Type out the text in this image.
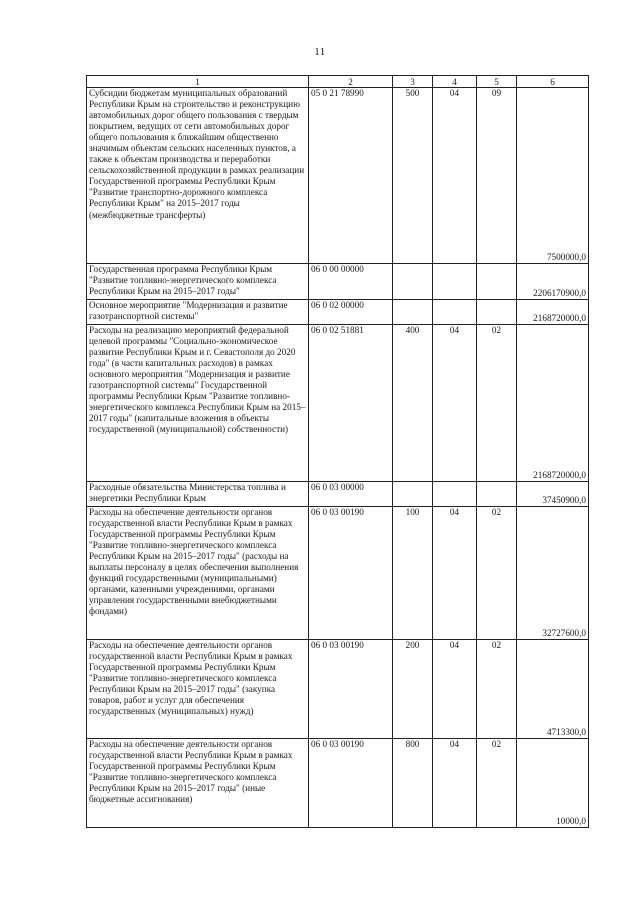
11
1	2	3	4	5	6
Субсидии бюджетам муниципальных образований Республики Крым на строительство и реконструкцию автомобильных дорог общего пользования с твердым покрытием, ведущих от сети автомобильных дорог общего пользования к ближайшим общественно значимым объектам сельских населенных пунктов, а также к объектам производства и переработки сельскохозяйственной продукции в рамках реализации Государственной программы Республики Крым "Развитие транспортно-дорожного комплекса Республики Крым" на 2015–2017 годы (межбюджетные трансферты)	05 0 21 78990	500	04	09	7500000,0
Государственная программа Республики Крым "Развитие топливно-энергетического комплекса Республики Крым на 2015–2017 годы"	06 0 00 00000				2206170900,0
Основное мероприятие "Модернизация и развитие газотранспортной системы"	06 0 02 00000				2168720000,0
Расходы на реализацию мероприятий федеральной целевой программы "Социально-экономическое развитие Республики Крым и г. Севастополя до 2020 года" (в части капитальных расходов) в рамках основного мероприятия "Модернизация и развитие газотранспортной системы" Государственной программы Республики Крым "Развитие топливно-энергетического комплекса Республики Крым на 2015–2017 годы" (капитальные вложения в объекты государственной (муниципальной) собственности)	06 0 02 51881	400	04	02	2168720000,0
Расходные обязательства Министерства топлива и энергетики Республики Крым	06 0 03 00000				37450900,0
Расходы на обеспечение деятельности органов государственной власти Республики Крым в рамках Государственной программы Республики Крым "Развитие топливно-энергетического комплекса Республики Крым на 2015–2017 годы" (расходы на выплаты персоналу в целях обеспечения выполнения функций государственными (муниципальными) органами, казенными учреждениями, органами управления государственными внебюджетными фондами)	06 0 03 00190	100	04	02	32727600,0
Расходы на обеспечение деятельности органов государственной власти Республики Крым в рамках Государственной программы Республики Крым "Развитие топливно-энергетического комплекса Республики Крым на 2015–2017 годы" (закупка товаров, работ и услуг для обеспечения государственных (муниципальных) нужд)	06 0 03 00190	200	04	02	4713300,0
Расходы на обеспечение деятельности органов государственной власти Республики Крым в рамках Государственной программы Республики Крым "Развитие топливно-энергетического комплекса Республики Крым на 2015–2017 годы" (иные бюджетные ассигнования)	06 0 03 00190	800	04	02	10000,0
